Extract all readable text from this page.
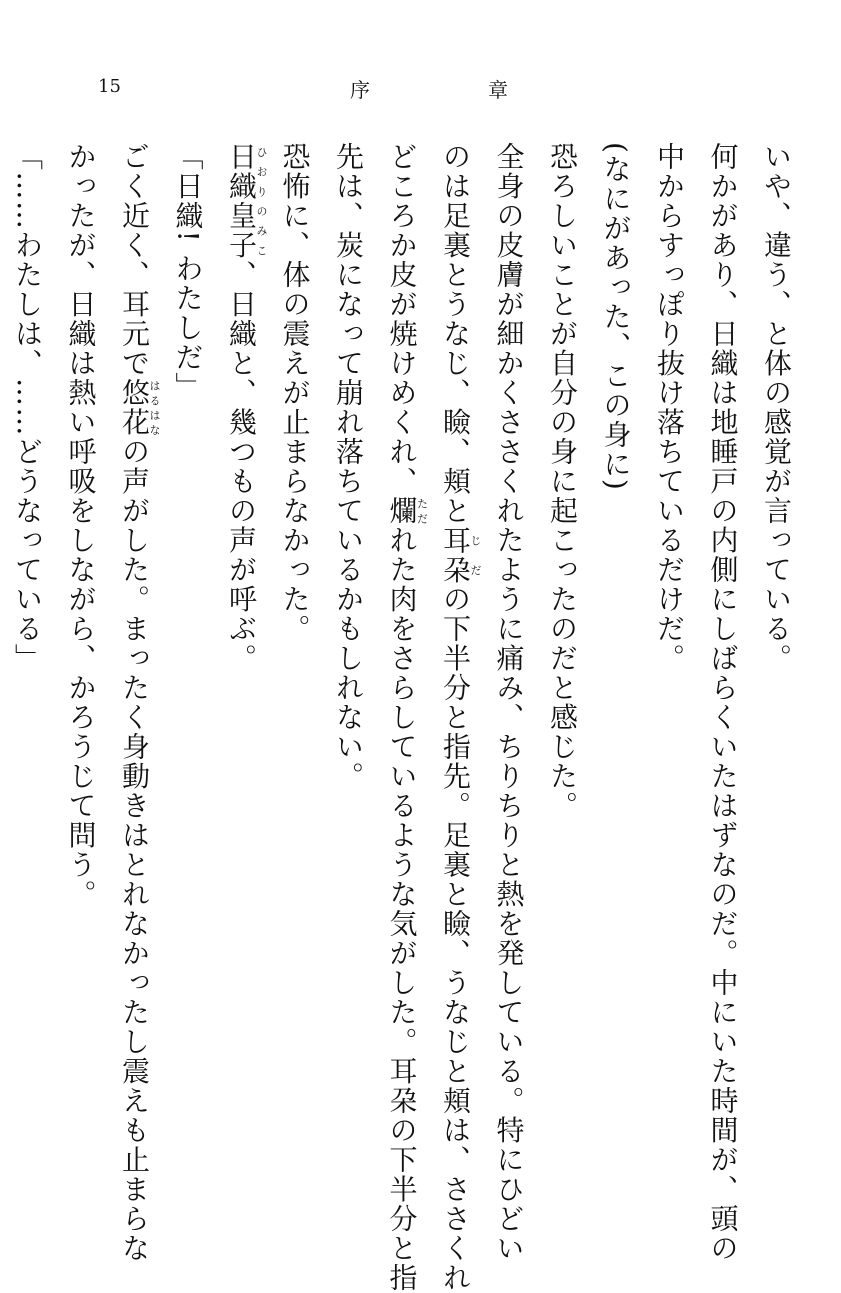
15	序章

いや、違う、と体の感覚が言っている。

何かがあり、日織は地睡戸の内側にしばらくいたはずなのだ。中にいた時間が、頭の

中からすっぽり抜け落ちているだけだ。

(なにがあった、この身に)

恐ろしいことが自分の身に起こったのだと感じた。

全身の皮膚が細かくささくれたように痛み、ちりちりと熱を発している。特にひどい

のは足裏とうなじ、瞼、頬と耳朶じだの下半分と指先。足裏と瞼、うなじと頬は、ささくれ

どころか皮が焼けめくれ、爛ただれた肉をさらしているような気がした。耳朶の下半分と指

先は、炭になって崩れ落ちているかもしれない。

恐怖に、体の震えが止まらなかった。

日織皇子ひおりのみこ、日織と、幾つもの声が呼ぶ。

「日織! わたしだ」

ごく近く、耳元で悠花はるはなの声がした。まったく身動きはとれなかったし震えも止まらな

かったが、日織は熱い呼吸をしながら、かろうじて問う。

「……わたしは、……どうなっている」
